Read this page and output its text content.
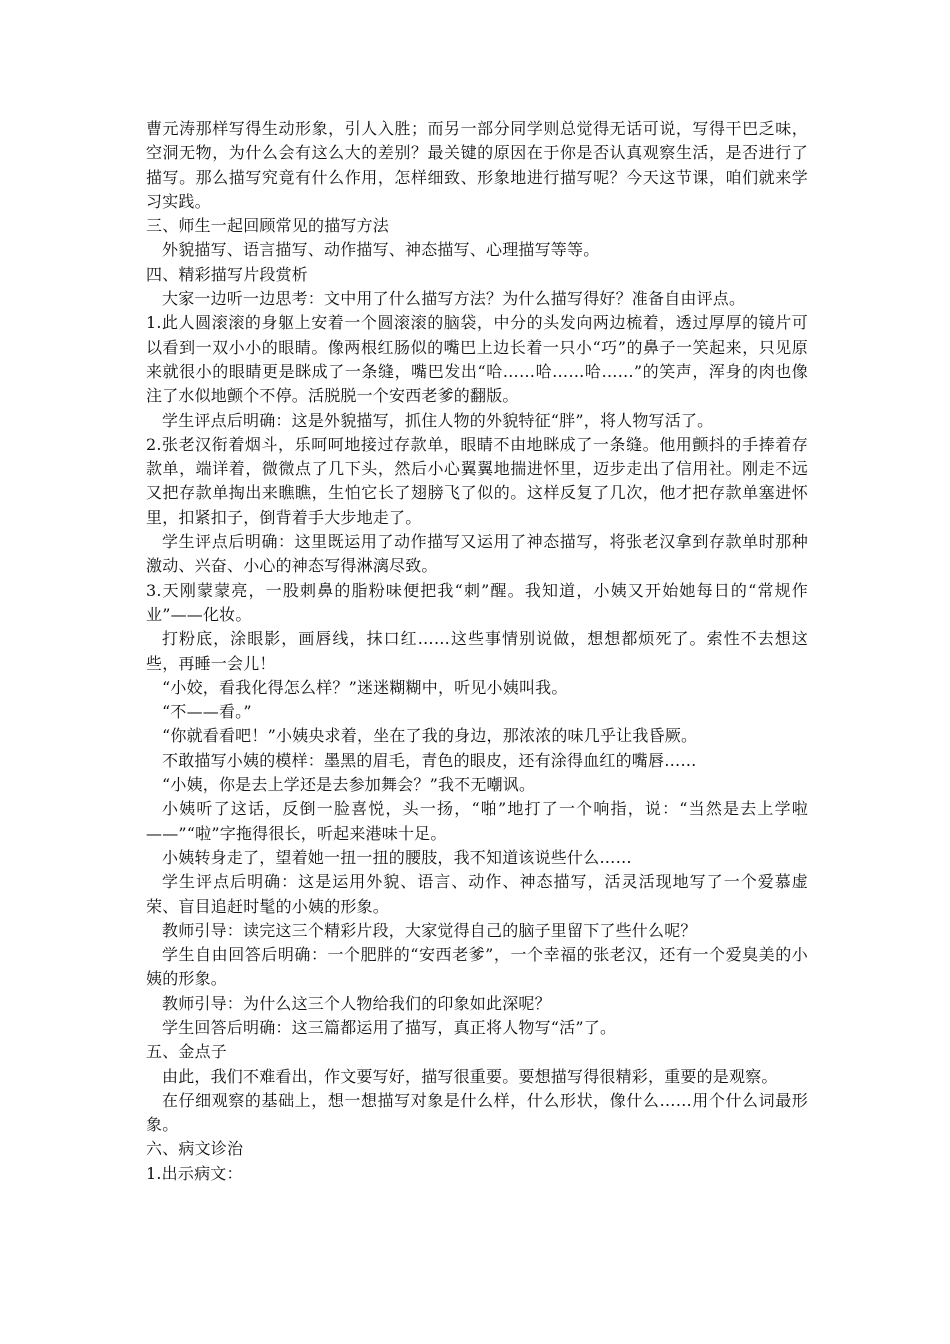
曹元涛那样写得生动形象，引人入胜；而另一部分同学则总觉得无话可说，写得干巴乏味，空洞无物，为什么会有这么大的差别？最关键的原因在于你是否认真观察生活，是否进行了描写。那么描写究竟有什么作用，怎样细致、形象地进行描写呢？今天这节课，咱们就来学习实践。

三、师生一起回顾常见的描写方法

外貌描写、语言描写、动作描写、神态描写、心理描写等等。

四、精彩描写片段赏析

大家一边听一边思考：文中用了什么描写方法？为什么描写得好？准备自由评点。

1.此人圆滚滚的身躯上安着一个圆滚滚的脑袋，中分的头发向两边梳着，透过厚厚的镜片可以看到一双小小的眼睛。像两根红肠似的嘴巴上边长着一只小“巧”的鼻子一笑起来，只见原来就很小的眼睛更是眯成了一条缝，嘴巴发出“哈……哈……哈……”的笑声，浑身的肉也像注了水似地颤个不停。活脱脱一个安西老爹的翻版。

学生评点后明确：这是外貌描写，抓住人物的外貌特征“胖”，将人物写活了。

2.张老汉衔着烟斗，乐呵呵地接过存款单，眼睛不由地眯成了一条缝。他用颤抖的手捧着存款单，端详着，微微点了几下头，然后小心翼翼地揣进怀里，迈步走出了信用社。刚走不远又把存款单掏出来瞧瞧，生怕它长了翅膀飞了似的。这样反复了几次，他才把存款单塞进怀里，扣紧扣子，倒背着手大步地走了。

学生评点后明确：这里既运用了动作描写又运用了神态描写，将张老汉拿到存款单时那种激动、兴奋、小心的神态写得淋漓尽致。

3.天刚蒙蒙亮，一股刺鼻的脂粉味便把我“刺”醒。我知道，小姨又开始她每日的“常规作业”——化妆。

打粉底，涂眼影，画唇线，抹口红……这些事情别说做，想想都烦死了。索性不去想这些，再睡一会儿！

“小姣，看我化得怎么样？”迷迷糊糊中，听见小姨叫我。

“不——看。”

“你就看看吧！”小姨央求着，坐在了我的身边，那浓浓的味几乎让我昏厥。

不敢描写小姨的模样：墨黑的眉毛，青色的眼皮，还有涂得血红的嘴唇……

“小姨，你是去上学还是去参加舞会？”我不无嘲讽。

小姨听了这话，反倒一脸喜悦，头一扬，“啪”地打了一个响指，说：“当然是去上学啦——”“啦”字拖得很长，听起来港味十足。

小姨转身走了，望着她一扭一扭的腰肢，我不知道该说些什么……

学生评点后明确：这是运用外貌、语言、动作、神态描写，活灵活现地写了一个爱慕虚荣、盲目追赶时髦的小姨的形象。

教师引导：读完这三个精彩片段，大家觉得自己的脑子里留下了些什么呢？

学生自由回答后明确：一个肥胖的“安西老爹”，一个幸福的张老汉，还有一个爱臭美的小姨的形象。

教师引导：为什么这三个人物给我们的印象如此深呢？

学生回答后明确：这三篇都运用了描写，真正将人物写“活”了。

五、金点子

由此，我们不难看出，作文要写好，描写很重要。要想描写得很精彩，重要的是观察。

在仔细观察的基础上，想一想描写对象是什么样，什么形状，像什么……用个什么词最形象。

六、病文诊治

1.出示病文：
